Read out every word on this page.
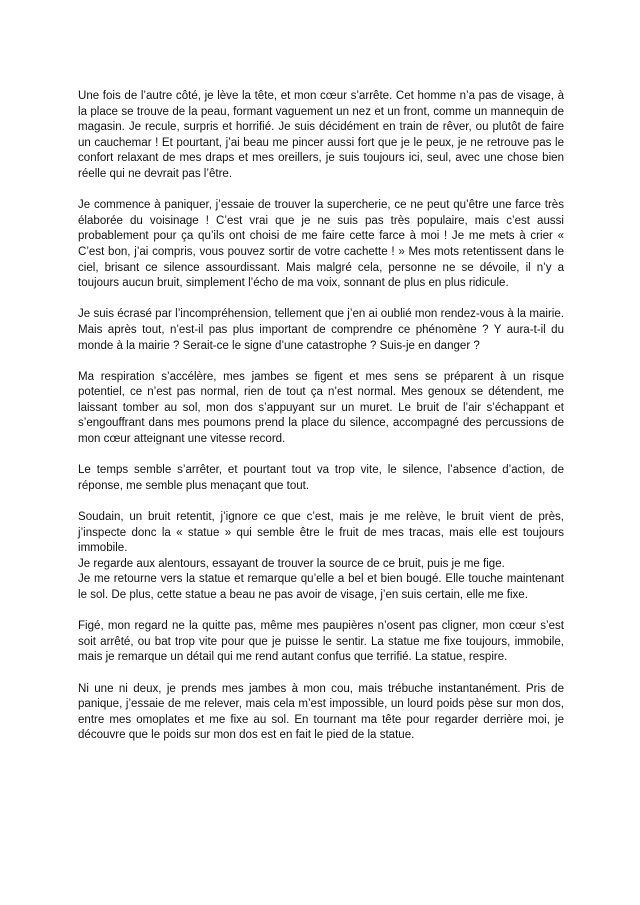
Une fois de l’autre côté, je lève la tête, et mon cœur s’arrête. Cet homme n’a pas de visage, à la place se trouve de la peau, formant vaguement un nez et un front, comme un mannequin de magasin. Je recule, surpris et horrifié. Je suis décidément en train de rêver, ou plutôt de faire un cauchemar ! Et pourtant, j’ai beau me pincer aussi fort que je le peux, je ne retrouve pas le confort relaxant de mes draps et mes oreillers, je suis toujours ici, seul, avec une chose bien réelle qui ne devrait pas l’être.

Je commence à paniquer, j’essaie de trouver la supercherie, ce ne peut qu’être une farce très élaborée du voisinage ! C’est vrai que je ne suis pas très populaire, mais c’est aussi probablement pour ça qu’ils ont choisi de me faire cette farce à moi ! Je me mets à crier « C’est bon, j’ai compris, vous pouvez sortir de votre cachette ! » Mes mots retentissent dans le ciel, brisant ce silence assourdissant. Mais malgré cela, personne ne se dévoile, il n’y a toujours aucun bruit, simplement l’écho de ma voix, sonnant de plus en plus ridicule.

Je suis écrasé par l’incompréhension, tellement que j’en ai oublié mon rendez-vous à la mairie. Mais après tout, n’est-il pas plus important de comprendre ce phénomène ? Y aura-t-il du monde à la mairie ? Serait-ce le signe d’une catastrophe ? Suis-je en danger ?

Ma respiration s’accélère, mes jambes se figent et mes sens se préparent à un risque potentiel, ce n’est pas normal, rien de tout ça n’est normal. Mes genoux se détendent, me laissant tomber au sol, mon dos s’appuyant sur un muret. Le bruit de l’air s’échappant et s’engouffrant dans mes poumons prend la place du silence, accompagné des percussions de mon cœur atteignant une vitesse record.

Le temps semble s’arrêter, et pourtant tout va trop vite, le silence, l’absence d’action, de réponse, me semble plus menaçant que tout.

Soudain, un bruit retentit, j’ignore ce que c’est, mais je me relève, le bruit vient de près, j’inspecte donc la « statue » qui semble être le fruit de mes tracas, mais elle est toujours immobile.

Je regarde aux alentours, essayant de trouver la source de ce bruit, puis je me fige.

Je me retourne vers la statue et remarque qu’elle a bel et bien bougé. Elle touche maintenant le sol. De plus, cette statue a beau ne pas avoir de visage, j’en suis certain, elle me fixe.

Figé, mon regard ne la quitte pas, même mes paupières n’osent pas cligner, mon cœur s’est soit arrêté, ou bat trop vite pour que je puisse le sentir. La statue me fixe toujours, immobile, mais je remarque un détail qui me rend autant confus que terrifié. La statue, respire.

Ni une ni deux, je prends mes jambes à mon cou, mais trébuche instantanément. Pris de panique, j’essaie de me relever, mais cela m’est impossible, un lourd poids pèse sur mon dos, entre mes omoplates et me fixe au sol. En tournant ma tête pour regarder derrière moi, je découvre que le poids sur mon dos est en fait le pied de la statue.
